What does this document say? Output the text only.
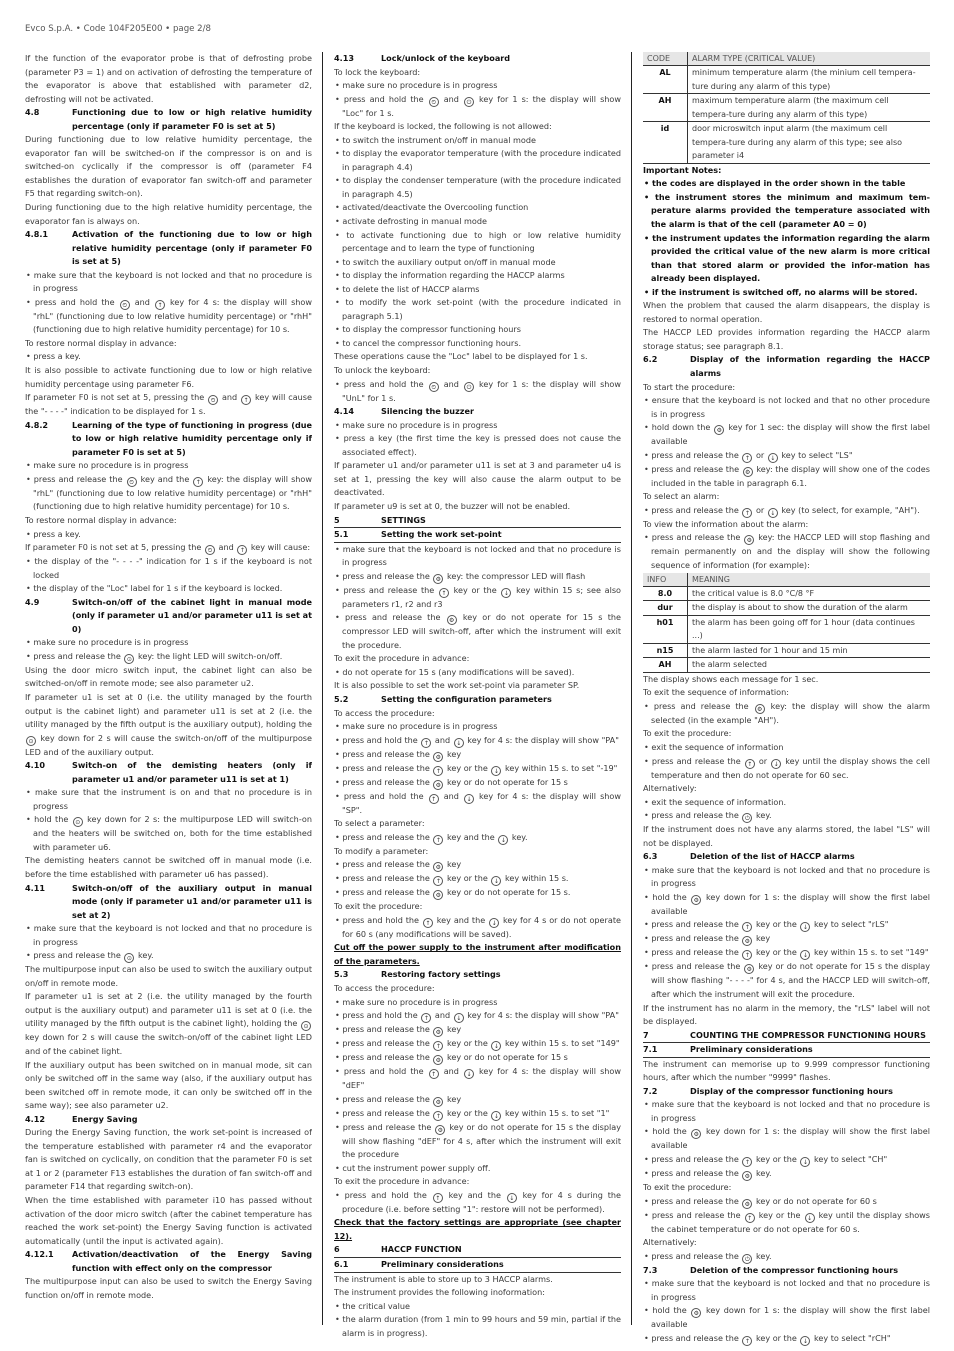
Evco S.p.A. • Code 104F205E00 • page 2/8
If the function of the evaporator probe is that of defrosting probe (parameter P3 = 1) and on activation of defrosting the temperature of the evaporator is above that established with parameter d2, defrosting will not be activated.
4.8	Functioning due to low or high relative humidity percentage (only if parameter F0 is set at 5)
During functioning due to low relative humidity percentage, the evaporator fan will be switched-on if the compressor is on and is switched-on cyclically if the compressor is off (parameter F4 establishes the duration of evaporator fan switch-off and parameter F5 that regarding switch-on).
During functioning due to the high relative humidity percentage, the evaporator fan is always on.
4.8.1	Activation of the functioning due to low or high relative humidity percentage (only if parameter F0 is set at 5)
• make sure that the keyboard is not locked and that no procedure is in progress
• press and hold the ⏲ and ↑ key for 4 s: the display will show "rhL" (functioning due to low relative humidity percentage) or "rhH" (functioning due to high relative humidity percentage) for 10 s.
To restore normal display in advance:
• press a key.
It is also possible to activate functioning due to low or high relative humidity percentage using parameter F6.
If parameter F0 is not set at 5, pressing the ⏲ and ↑ key will cause the "- - - -" indication to be displayed for 1 s.
4.8.2	Learning of the type of functioning in progress (due to low or high relative humidity percentage only if parameter F0 is set at 5)
• make sure no procedure is in progress
• press and release the ⏲ key and the ↑ key: the display will show "rhL" (functioning due to low relative humidity percentage) or "rhH" (functioning due to high relative humidity percentage) for 10 s.
To restore normal display in advance:
• press a key.
If parameter F0 is not set at 5, pressing the ⏲ and ↑ key will cause:
• the display of the "- - - -" indication for 1 s if the keyboard is not locked
• the display of the "Loc" label for 1 s if the keyboard is locked.
4.9	Switch-on/off of the cabinet light in manual mode (only if parameter u1 and/or parameter u11 is set at 0)
• make sure no procedure is in progress
• press and release the ⊙ key: the light LED will switch-on/off.
Using the door micro switch input, the cabinet light can also be switched-on/off in remote mode; see also parameter u2.
If parameter u1 is set at 0 (i.e. the utility managed by the fourth output is the cabinet light) and parameter u11 is set at 2 (i.e. the utility managed by the fifth output is the auxiliary output), holding the ⊙ key down for 2 s will cause the switch-on/off of the multipurpose LED and of the auxiliary output.
4.10	Switch-on of the demisting heaters (only if parameter u1 and/or parameter u11 is set at 1)
• make sure that the instrument is on and that no procedure is in progress
• hold the ⊙ key down for 2 s: the multipurpose LED will switch-on and the heaters will be switched on, both for the time established with parameter u6.
The demisting heaters cannot be switched off in manual mode (i.e. before the time established with parameter u6 has passed).
4.11	Switch-on/off of the auxiliary output in manual mode (only if parameter u1 and/or parameter u11 is set at 2)
• make sure that the keyboard is not locked and that no procedure is in progress
• press and release the ⊙ key.
The multipurpose input can also be used to switch the auxiliary output on/off in remote mode.
If parameter u1 is set at 2 (i.e. the utility managed by the fourth output is the auxiliary output) and parameter u11 is set at 0 (i.e. the utility managed by the fifth output is the cabinet light), holding the ⊙ key down for 2 s will cause the switch-on/off of the cabinet light LED and of the cabinet light.
If the auxiliary output has been switched on in manual mode, sit can only be switched off in the same way (also, if the auxiliary output has been switched off in remote mode, it can only be switched off in the same way); see also parameter u2.
4.12	Energy Saving
During the Energy Saving function, the work set-point is increased of the temperature established with parameter r4 and the evaporator fan is switched on cyclically, on condition that the parameter F0 is set at 1 or 2 (parameter F13 establishes the duration of fan switch-off and parameter F14 that regarding switch-on).
When the time established with parameter i10 has passed without activation of the door micro switch (after the cabinet temperature has reached the work set-point) the Energy Saving function is activated automatically (until the input is activated again).
4.12.1	Activation/deactivation of the Energy Saving function with effect only on the compressor
The multipurpose input can also be used to switch the Energy Saving function on/off in remote mode.
4.13	Lock/unlock of the keyboard
To lock the keyboard:
• make sure no procedure is in progress
• press and hold the ⏲ and ⏻ key for 1 s: the display will show "Loc" for 1 s.
If the keyboard is locked, the following is not allowed:
• to switch the instrument on/off in manual mode
• to display the evaporator temperature (with the procedure indicated in paragraph 4.4)
• to display the condenser temperature (with the procedure indicated in paragraph 4.5)
• activated/deactivate the Overcooling function
• activate defrosting in manual mode
• to activate functioning due to high or low relative humidity percentage and to learn the type of functioning
• to switch the auxiliary output on/off in manual mode
• to display the information regarding the HACCP alarms
• to delete the list of HACCP alarms
• to modify the work set-point (with the procedure indicated in paragraph 5.1)
• to display the compressor functioning hours
• to cancel the compressor functioning hours.
These operations cause the "Loc" label to be displayed for 1 s.
To unlock the keyboard:
• press and hold the ⏲ and ⏻ key for 1 s: the display will show "UnL" for 1 s.
4.14	Silencing the buzzer
• make sure no procedure is in progress
• press a key (the first time the key is pressed does not cause the associated effect).
If parameter u1 and/or parameter u11 is set at 3 and parameter u4 is set at 1, pressing the key will also cause the alarm output to be deactivated.
If parameter u9 is set at 0, the buzzer will not be enabled.
5	SETTINGS
5.1	Setting the work set-point
• make sure that the keyboard is not locked and that no procedure is in progress
• press and release the ⚙ key: the compressor LED will flash
• press and release the ↑ key or the ↓ key within 15 s; see also parameters r1, r2 and r3
• press and release the ⚙ key or do not operate for 15 s the compressor LED will switch-off, after which the instrument will exit the procedure.
To exit the procedure in advance:
• do not operate for 15 s (any modifications will be saved).
It is also possible to set the work set-point via parameter SP.
5.2	Setting the configuration parameters
To access the procedure:
• make sure no procedure is in progress
• press and hold the ↑ and ↓ key for 4 s: the display will show "PA"
• press and release the ⚙ key
• press and release the ↑ key or the ↓ key within 15 s. to set "-19"
• press and release the ⚙ key or do not operate for 15 s
• press and hold the ↑ and ↓ key for 4 s: the display will show "SP".
To select a parameter:
• press and release the ↑ key and the ↓ key.
To modify a parameter:
• press and release the ⚙ key
• press and release the ↑ key or the ↓ key within 15 s.
• press and release the ⚙ key or do not operate for 15 s.
To exit the procedure:
• press and hold the ↑ key and the ↓ key for 4 s or do not operate for 60 s (any modifications will be saved).
Cut off the power supply to the instrument after modification of the parameters.
5.3	Restoring factory settings
To access the procedure:
• make sure no procedure is in progress
• press and hold the ↑ and ↓ key for 4 s: the display will show "PA"
• press and release the ⚙ key
• press and release the ↑ key or the ↓ key within 15 s. to set "149"
• press and release the ⚙ key or do not operate for 15 s
• press and hold the ↑ and ↓ key for 4 s: the display will show "dEF"
• press and release the ⚙ key
• press and release the ↑ key or the ↓ key within 15 s. to set "1"
• press and release the ⚙ key or do not operate for 15 s the display will show flashing "dEF" for 4 s, after which the instrument will exit the procedure
• cut the instrument power supply off.
To exit the procedure in advance:
• press and hold the ↑ key and the ↓ key for 4 s during the procedure (i.e. before setting "1": restore will not be performed).
Check that the factory settings are appropriate (see chapter 12).
6	HACCP FUNCTION
6.1	Preliminary considerations
The instrument is able to store up to 3 HACCP alarms.
The instrument provides the following inoformation:
• the critical value
• the alarm duration (from 1 min to 99 hours and 59 min, partial if the alarm is in progress).
CODE	ALARM TYPE (CRITICAL VALUE)
AL	minimum temperature alarm (the minium cell tempera-ture during any alarm of this type)
AH	maximum temperature alarm (the maximum cell tempera-ture during any alarm of this type)
id	door microswitch input alarm (the maximum cell tempera-ture during any alarm of this type; see also parameter i4
Important Notes:
• the codes are displayed in the order shown in the table
• the instrument stores the minimum and maximum tem-perature alarms provided the temperature associated with the alarm is that of the cell (parameter A0 = 0)
• the instrument updates the information regarding the alarm provided the critical value of the new alarm is more critical than that stored alarm or provided the infor-mation has already been displayed.
• if the instrument is switched off, no alarms will be stored.
When the problem that caused the alarm disappears, the display is restored to normal operation.
The HACCP LED provides information regarding the HACCP alarm storage status; see paragraph 8.1.
6.2	Display of the information regarding the HACCP alarms
To start the procedure:
• ensure that the keyboard is not locked and that no other procedure is in progress
• hold down the ⚙ key for 1 sec: the display will show the first label available
• press and release the ↑ or ↓ key to select "LS"
• press and release the ⚙ key: the display will show one of the codes included in the table in paragraph 6.1.
To select an alarm:
• press and release the ↑ or ↓ key (to select, for example, "AH").
To view the information about the alarm:
• press and release the ⚙ key: the HACCP LED will stop flashing and remain permanently on and the display will show the following sequence of information (for example):
INFO	MEANING
8.0	the critical value is 8.0 °C/8 °F
dur	the display is about to show the duration of the alarm
h01	the alarm has been going off for 1 hour (data continues ...)
n15	the alarm lasted for 1 hour and 15 min
AH	the alarm selected
The display shows each message for 1 sec.
To exit the sequence of information:
• press and release the ⚙ key: the display will show the alarm selected (in the example "AH").
To exit the procedure:
• exit the sequence of information
• press and release the ↑ or ↓ key until the display shows the cell temperature and then do not operate for 60 sec.
Alternatively:
• exit the sequence of information.
• press and release the ⏻ key.
If the instrument does not have any alarms stored, the label "LS" will not be displayed.
6.3	Deletion of the list of HACCP alarms
• make sure that the keyboard is not locked and that no procedure is in progress
• hold the ⚙ key down for 1 s: the display will show the first label available
• press and release the ↑ key or the ↓ key to select "rLS"
• press and release the ⚙ key
• press and release the ↑ key or the ↓ key within 15 s. to set "149"
• press and release the ⚙ key or do not operate for 15 s the display will show flashing "- - - -" for 4 s, and the HACCP LED will switch-off, after which the instrument will exit the procedure.
If the instrument has no alarm in the memory, the "rLS" label will not be displayed.
7	COUNTING THE COMPRESSOR FUNCTIONING HOURS
7.1	Preliminary considerations
The instrument can memorise up to 9.999 compressor functioning hours, after which the number "9999" flashes.
7.2	Display of the compressor functioning hours
• make sure that the keyboard is not locked and that no procedure is in progress
• hold the ⚙ key down for 1 s: the display will show the first label available
• press and release the ↑ key or the ↓ key to select "CH"
• press and release the ⚙ key.
To exit the procedure:
• press and release the ⚙ key or do not operate for 60 s
• press and release the ↑ key or the ↓ key until the display shows the cabinet temperature or do not operate for 60 s.
Alternatively:
• press and release the ⏻ key.
7.3	Deletion of the compressor functioning hours
• make sure that the keyboard is not locked and that no procedure is in progress
• hold the ⚙ key down for 1 s: the display will show the first label available
• press and release the ↑ key or the ↓ key to select "rCH"
